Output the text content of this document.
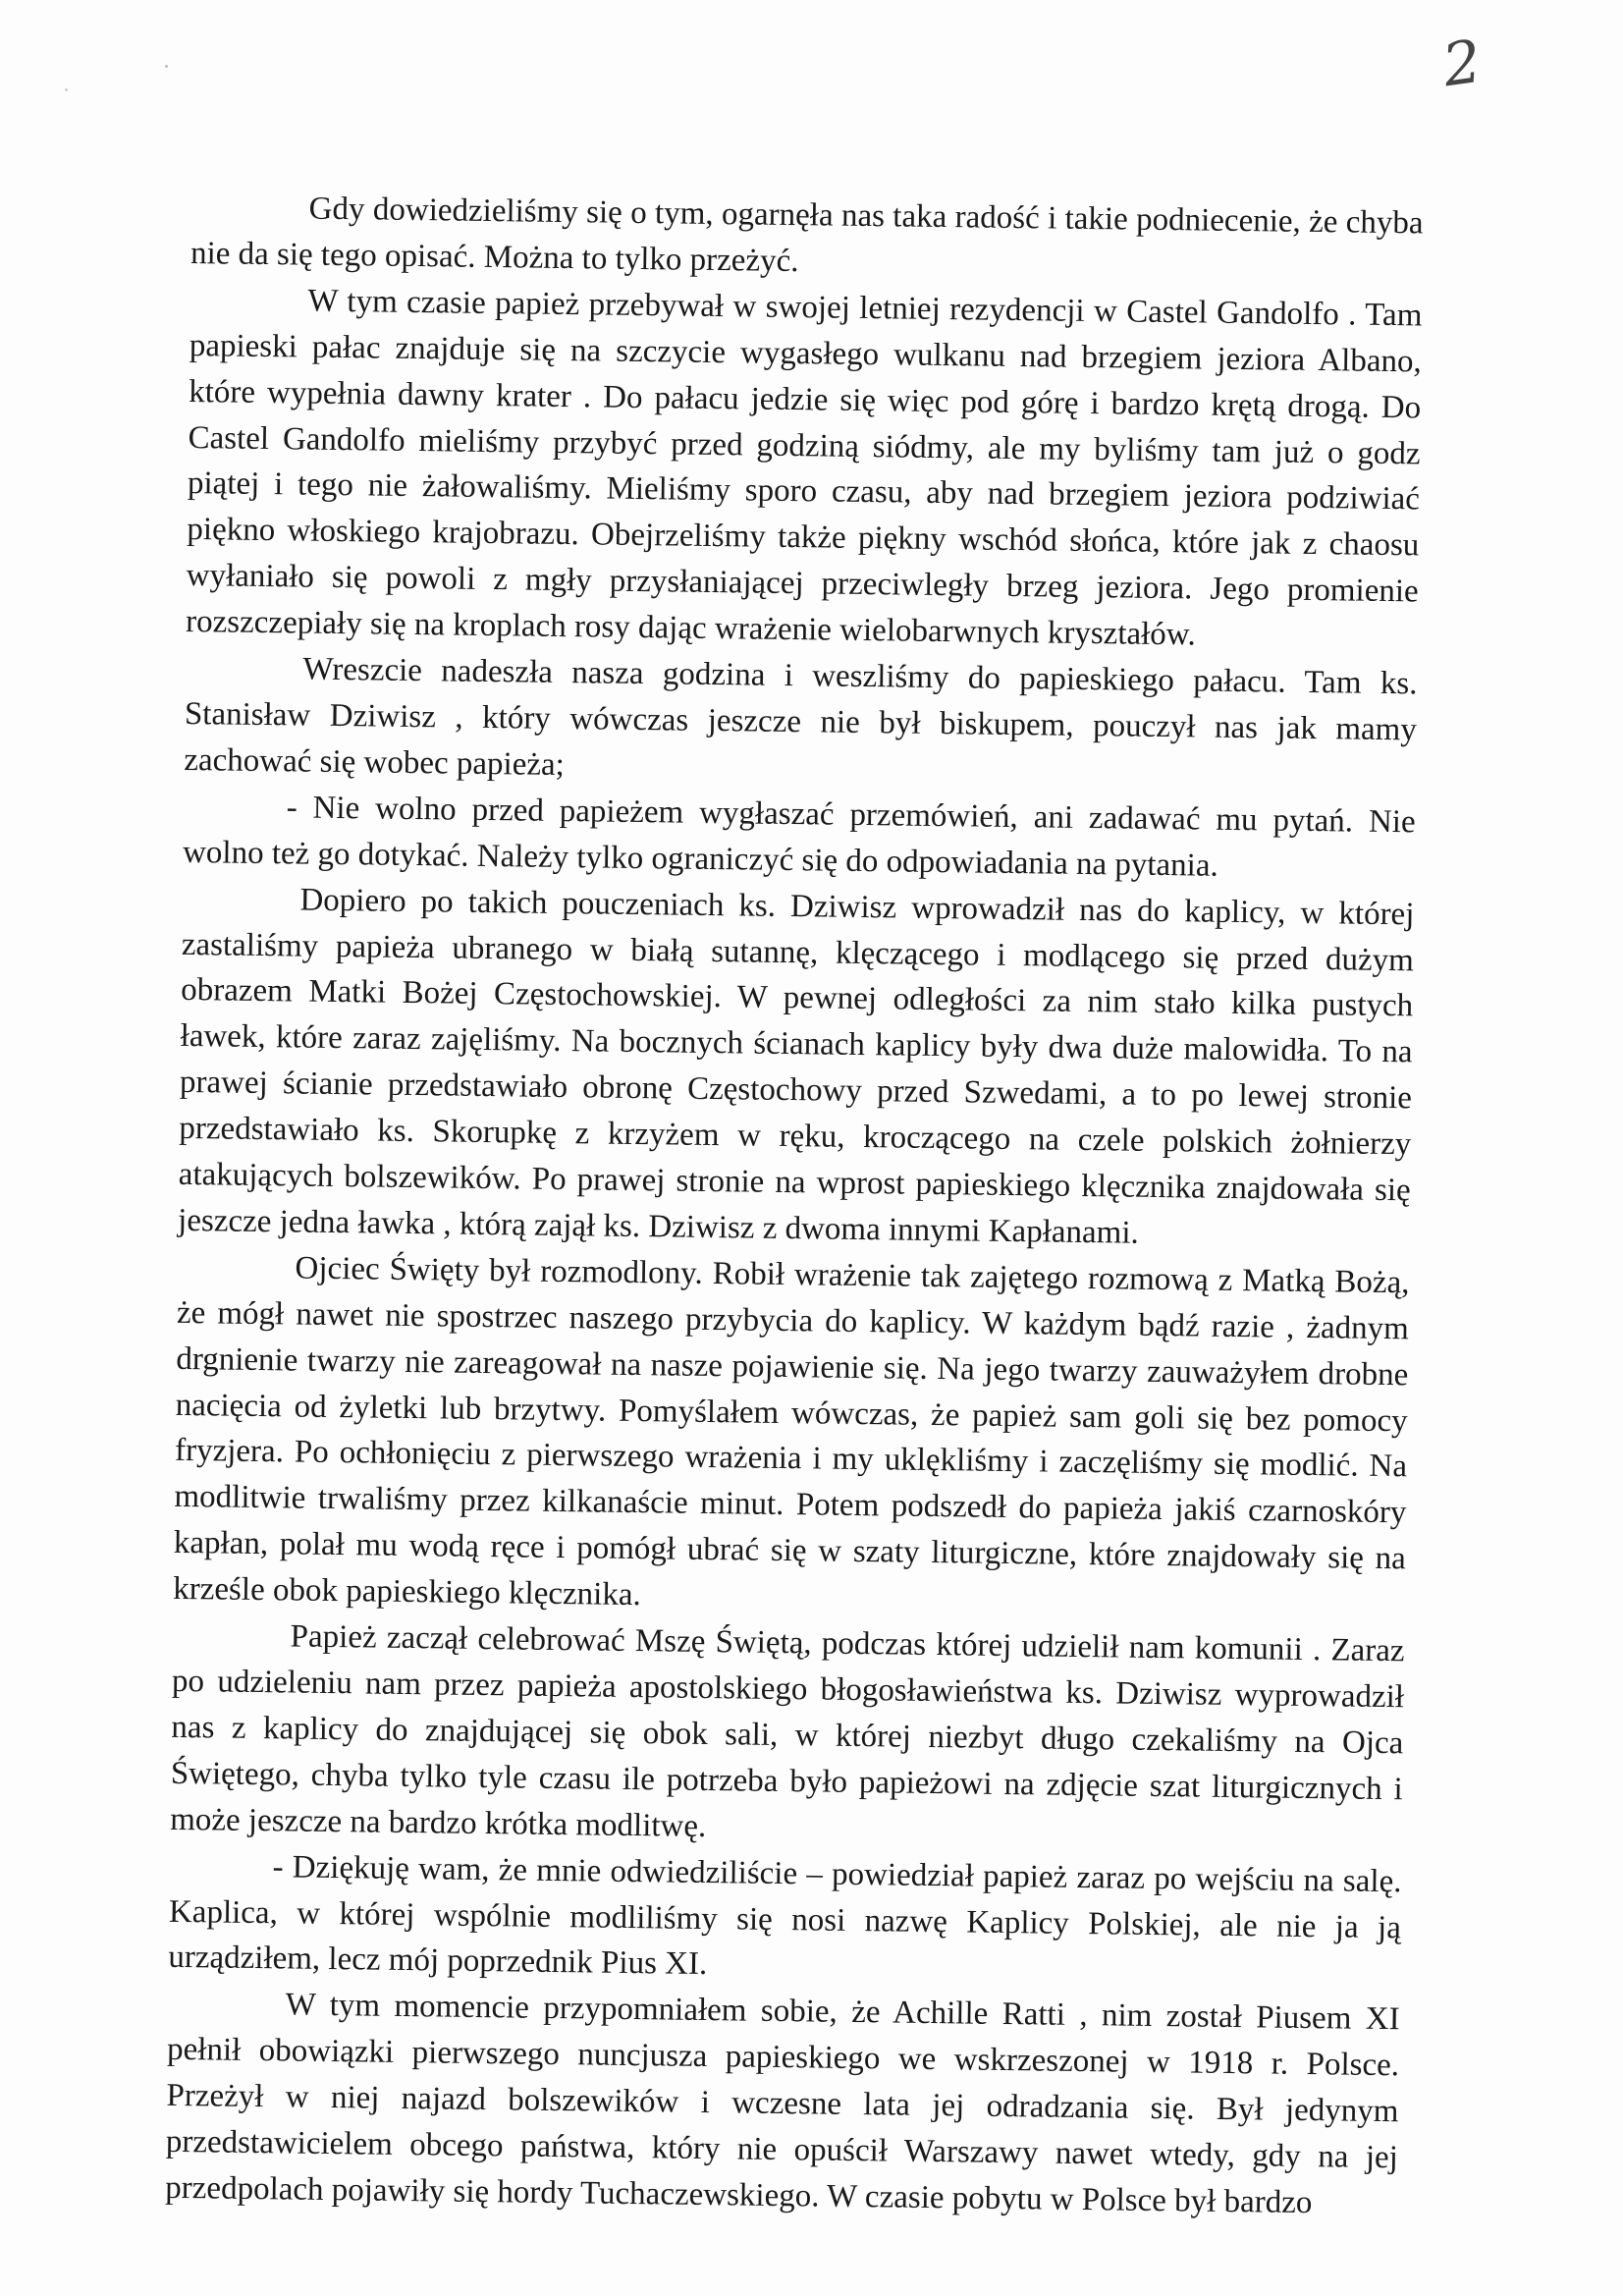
2

Gdy dowiedzieliśmy się o tym, ogarnęła nas taka radość i takie podniecenie, że chyba nie da się tego opisać. Można to tylko przeżyć.

W tym czasie papież przebywał w swojej letniej rezydencji w Castel Gandolfo . Tam papieski pałac znajduje się na szczycie wygasłego wulkanu nad brzegiem jeziora Albano, które wypełnia dawny krater . Do pałacu jedzie się więc pod górę i bardzo krętą drogą. Do Castel Gandolfo mieliśmy przybyć przed godziną siódmy, ale my byliśmy tam już o godz piątej i tego nie żałowaliśmy. Mieliśmy sporo czasu, aby nad brzegiem jeziora podziwiać piękno włoskiego krajobrazu. Obejrzeliśmy także piękny wschód słońca, które jak z chaosu wyłaniało się powoli z mgły przysłaniającej przeciwległy brzeg jeziora. Jego promienie rozszczepiały się na kroplach rosy dając wrażenie wielobarwnych kryształów.

Wreszcie nadeszła nasza godzina i weszliśmy do papieskiego pałacu. Tam ks. Stanisław Dziwisz , który wówczas jeszcze nie był biskupem, pouczył nas jak mamy zachować się wobec papieża;

- Nie wolno przed papieżem wygłaszać przemówień, ani zadawać mu pytań. Nie wolno też go dotykać. Należy tylko ograniczyć się do odpowiadania na pytania.

Dopiero po takich pouczeniach ks. Dziwisz wprowadził nas do kaplicy, w której zastaliśmy papieża ubranego w białą sutannę, klęczącego i modlącego się przed dużym obrazem Matki Bożej Częstochowskiej. W pewnej odległości za nim stało kilka pustych ławek, które zaraz zajęliśmy. Na bocznych ścianach kaplicy były dwa duże malowidła. To na prawej ścianie przedstawiało obronę Częstochowy przed Szwedami, a to po lewej stronie przedstawiało ks. Skorupkę z krzyżem w ręku, kroczącego na czele polskich żołnierzy atakujących bolszewików. Po prawej stronie na wprost papieskiego klęcznika znajdowała się jeszcze jedna ławka , którą zajął ks. Dziwisz z dwoma innymi Kapłanami.

Ojciec Święty był rozmodlony. Robił wrażenie tak zajętego rozmową z Matką Bożą, że mógł nawet nie spostrzec naszego przybycia do kaplicy. W każdym bądź razie , żadnym drgnienie twarzy nie zareagował na nasze pojawienie się. Na jego twarzy zauważyłem drobne nacięcia od żyletki lub brzytwy. Pomyślałem wówczas, że papież sam goli się bez pomocy fryzjera. Po ochłonięciu z pierwszego wrażenia i my uklękliśmy i zaczęliśmy się modlić. Na modlitwie trwaliśmy przez kilkanaście minut. Potem podszedł do papieża jakiś czarnoskóry kapłan, polał mu wodą ręce i pomógł ubrać się w szaty liturgiczne, które znajdowały się na krześle obok papieskiego klęcznika.

Papież zaczął celebrować Mszę Świętą, podczas której udzielił nam komunii . Zaraz po udzieleniu nam przez papieża apostolskiego błogosławieństwa ks. Dziwisz wyprowadził nas z kaplicy do znajdującej się obok sali, w której niezbyt długo czekaliśmy na Ojca Świętego, chyba tylko tyle czasu ile potrzeba było papieżowi na zdjęcie szat liturgicznych i może jeszcze na bardzo krótka modlitwę.

- Dziękuję wam, że mnie odwiedziliście – powiedział papież zaraz po wejściu na salę. Kaplica, w której wspólnie modliliśmy się nosi nazwę Kaplicy Polskiej, ale nie ja ją urządziłem, lecz mój poprzednik Pius XI.

W tym momencie przypomniałem sobie, że Achille Ratti , nim został Piusem XI pełnił obowiązki pierwszego nuncjusza papieskiego we wskrzeszonej w 1918 r. Polsce. Przeżył w niej najazd bolszewików i wczesne lata jej odradzania się. Był jedynym przedstawicielem obcego państwa, który nie opuścił Warszawy nawet wtedy, gdy na jej przedpolach pojawiły się hordy Tuchaczewskiego. W czasie pobytu w Polsce był bardzo
